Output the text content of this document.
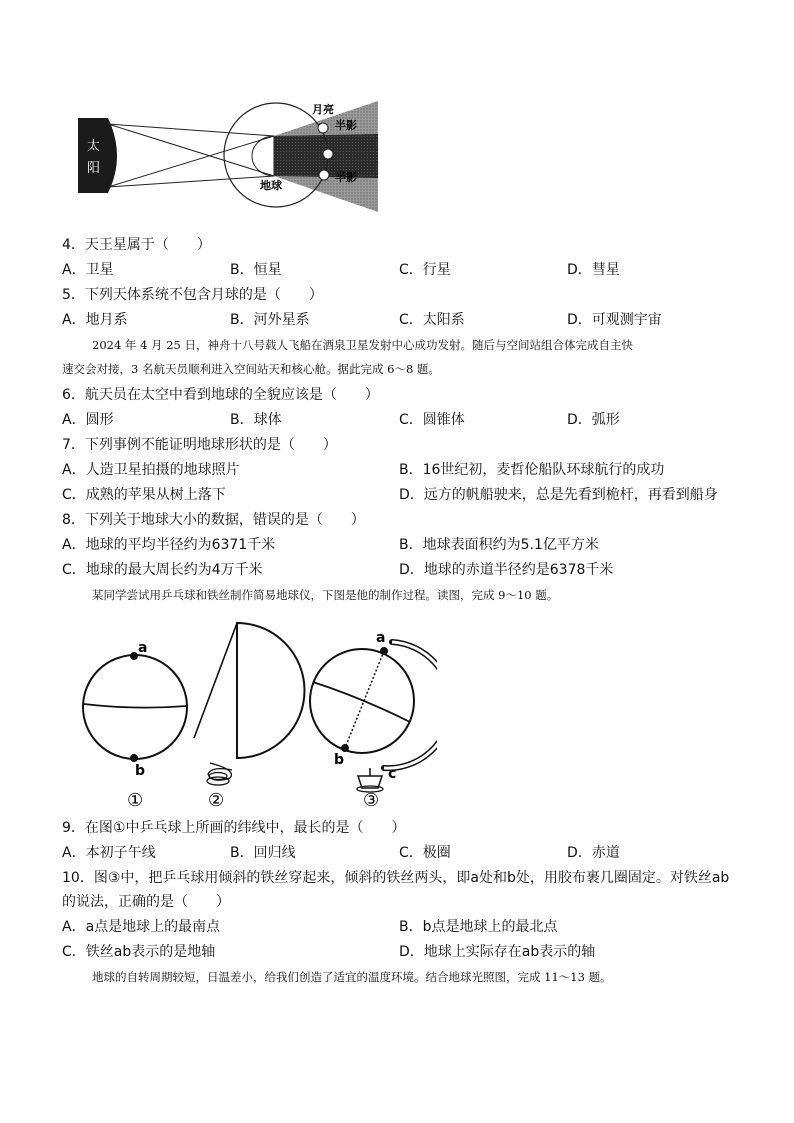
月亮
半影
半影
地球
太
阳
4．天王星属于（　　）
A．卫星	B．恒星	C．行星	D．彗星
5．下列天体系统不包含月球的是（　　）
A．地月系	B．河外星系	C．太阳系	D．可观测宇宙
2024 年 4 月 25 日，神舟十八号载人飞船在酒泉卫星发射中心成功发射。随后与空间站组合体完成自主快
速交会对接，3 名航天员顺利进入空间站天和核心舱。据此完成 6～8 题。
6．航天员在太空中看到地球的全貌应该是（　　）
A．圆形	B．球体	C．圆锥体	D．弧形
7．下列事例不能证明地球形状的是（　　）
A．人造卫星拍摄的地球照片	B．16世纪初，麦哲伦船队环球航行的成功
C．成熟的苹果从树上落下	D．远方的帆船驶来，总是先看到桅杆，再看到船身
8．下列关于地球大小的数据，错误的是（　　）
A．地球的平均半径约为6371千米	B．地球表面积约为5.1亿平方米
C．地球的最大周长约为4万千米	D．地球的赤道半径约是6378千米
某同学尝试用乒乓球和铁丝制作简易地球仪，下图是他的制作过程。读图，完成 9～10 题。
a
b
①	②
a
b
c
③
9．在图①中乒乓球上所画的纬线中，最长的是（　　）
A．本初子午线	B．回归线	C．极圈	D．赤道
10．图③中，把乒乓球用倾斜的铁丝穿起来，倾斜的铁丝两头，即a处和b处，用胶布裹几圈固定。对铁丝ab
的说法，正确的是（　　）
A．a点是地球上的最南点	B．b点是地球上的最北点
C．铁丝ab表示的是地轴	D．地球上实际存在ab表示的轴
地球的自转周期较短，日温差小，给我们创造了适宜的温度环境。结合地球光照图，完成 11～13 题。
